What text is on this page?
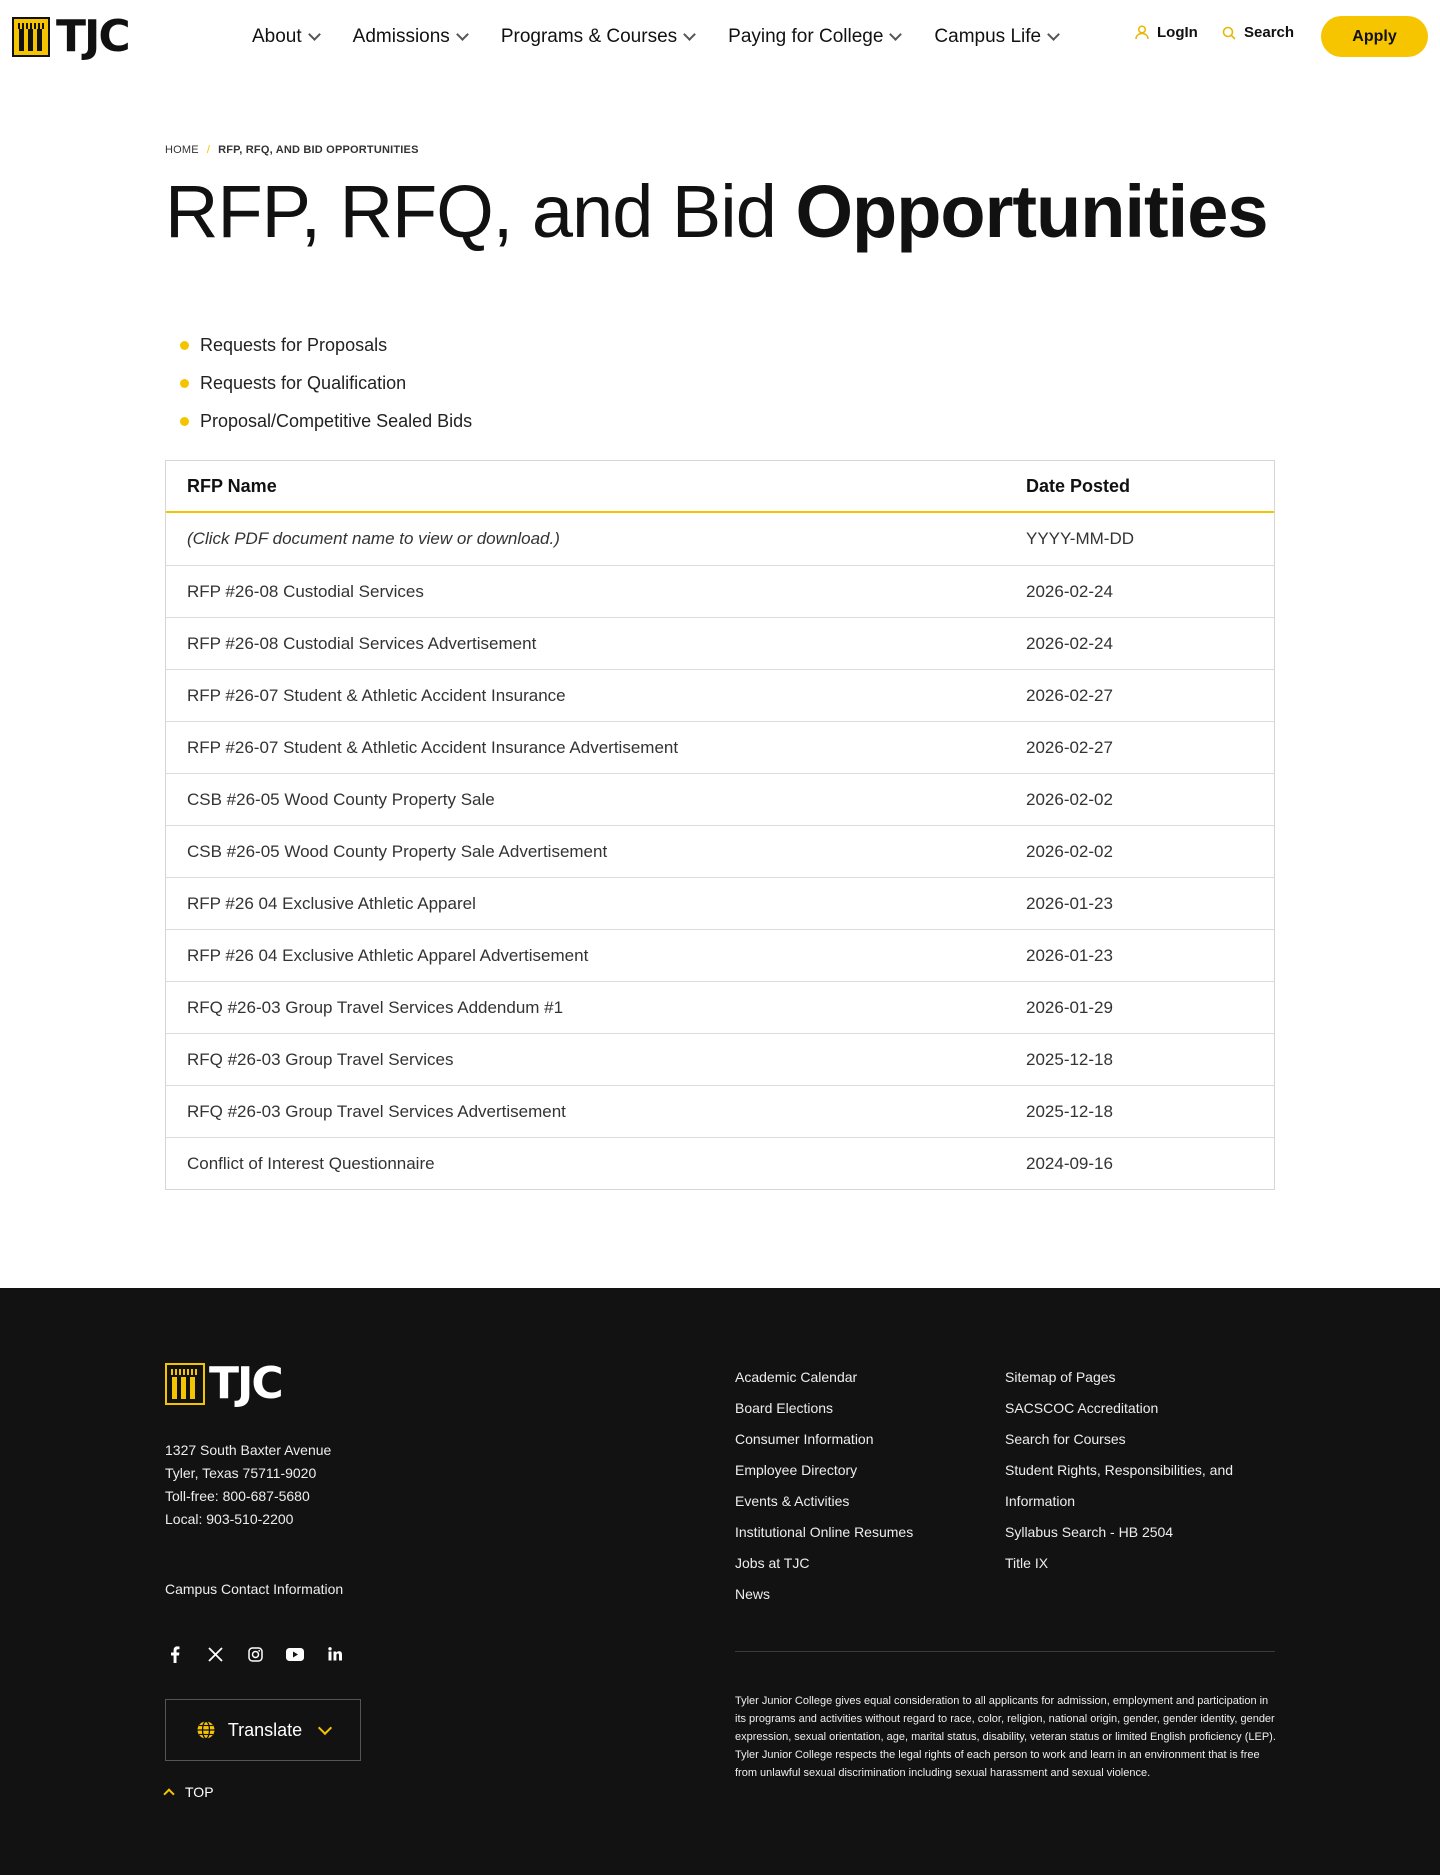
TJC	About	Admissions	Programs & Courses	Paying for College	Campus Life	LogIn	Search	Apply
HOME / RFP, RFQ, AND BID OPPORTUNITIES
RFP, RFQ, and Bid Opportunities
Requests for Proposals
Requests for Qualification
Proposal/Competitive Sealed Bids
RFP Name	Date Posted
(Click PDF document name to view or download.)	YYYY-MM-DD
RFP #26-08 Custodial Services	2026-02-24
RFP #26-08 Custodial Services Advertisement	2026-02-24
RFP #26-07 Student & Athletic Accident Insurance	2026-02-27
RFP #26-07 Student & Athletic Accident Insurance Advertisement	2026-02-27
CSB #26-05 Wood County Property Sale	2026-02-02
CSB #26-05 Wood County Property Sale Advertisement	2026-02-02
RFP #26 04 Exclusive Athletic Apparel	2026-01-23
RFP #26 04 Exclusive Athletic Apparel Advertisement	2026-01-23
RFQ #26-03 Group Travel Services Addendum #1	2026-01-29
RFQ #26-03 Group Travel Services	2025-12-18
RFQ #26-03 Group Travel Services Advertisement	2025-12-18
Conflict of Interest Questionnaire	2024-09-16
TJC
1327 South Baxter Avenue
Tyler, Texas 75711-9020
Toll-free: 800-687-5680
Local: 903-510-2200
Campus Contact Information
Translate
TOP
Academic Calendar
Board Elections
Consumer Information
Employee Directory
Events & Activities
Institutional Online Resumes
Jobs at TJC
News
Sitemap of Pages
SACSCOC Accreditation
Search for Courses
Student Rights, Responsibilities, and
Information
Syllabus Search - HB 2504
Title IX

Tyler Junior College gives equal consideration to all applicants for admission, employment and participation in its programs and activities without regard to race, color, religion, national origin, gender, gender identity, gender expression, sexual orientation, age, marital status, disability, veteran status or limited English proficiency (LEP). Tyler Junior College respects the legal rights of each person to work and learn in an environment that is free from unlawful sexual discrimination including sexual harassment and sexual violence.
